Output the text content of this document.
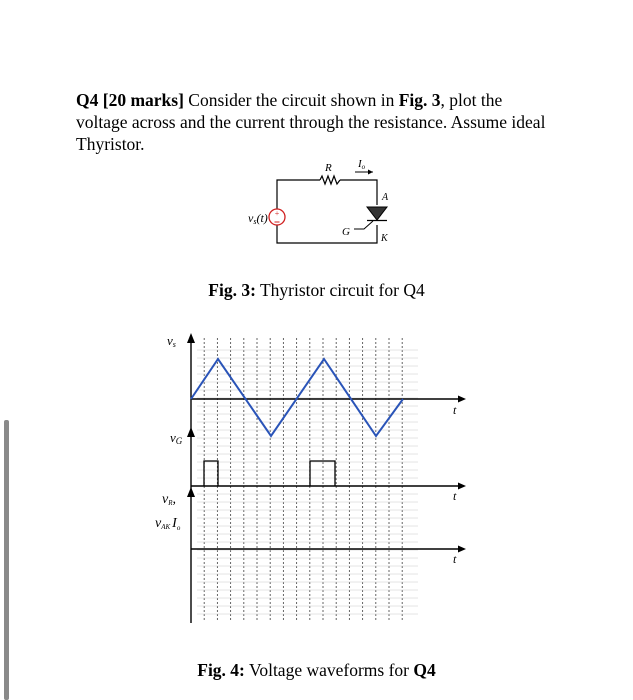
Q4 [20 marks] Consider the circuit shown in Fig. 3, plot the voltage across and the current through the resistance. Assume ideal Thyristor.
+
vs(t)
R Io
A
G
K
Fig. 3: Thyristor circuit for Q4
vs
vG
vR,
vAK $I_o$
t
t
t
Fig. 4: Voltage waveforms for Q4
